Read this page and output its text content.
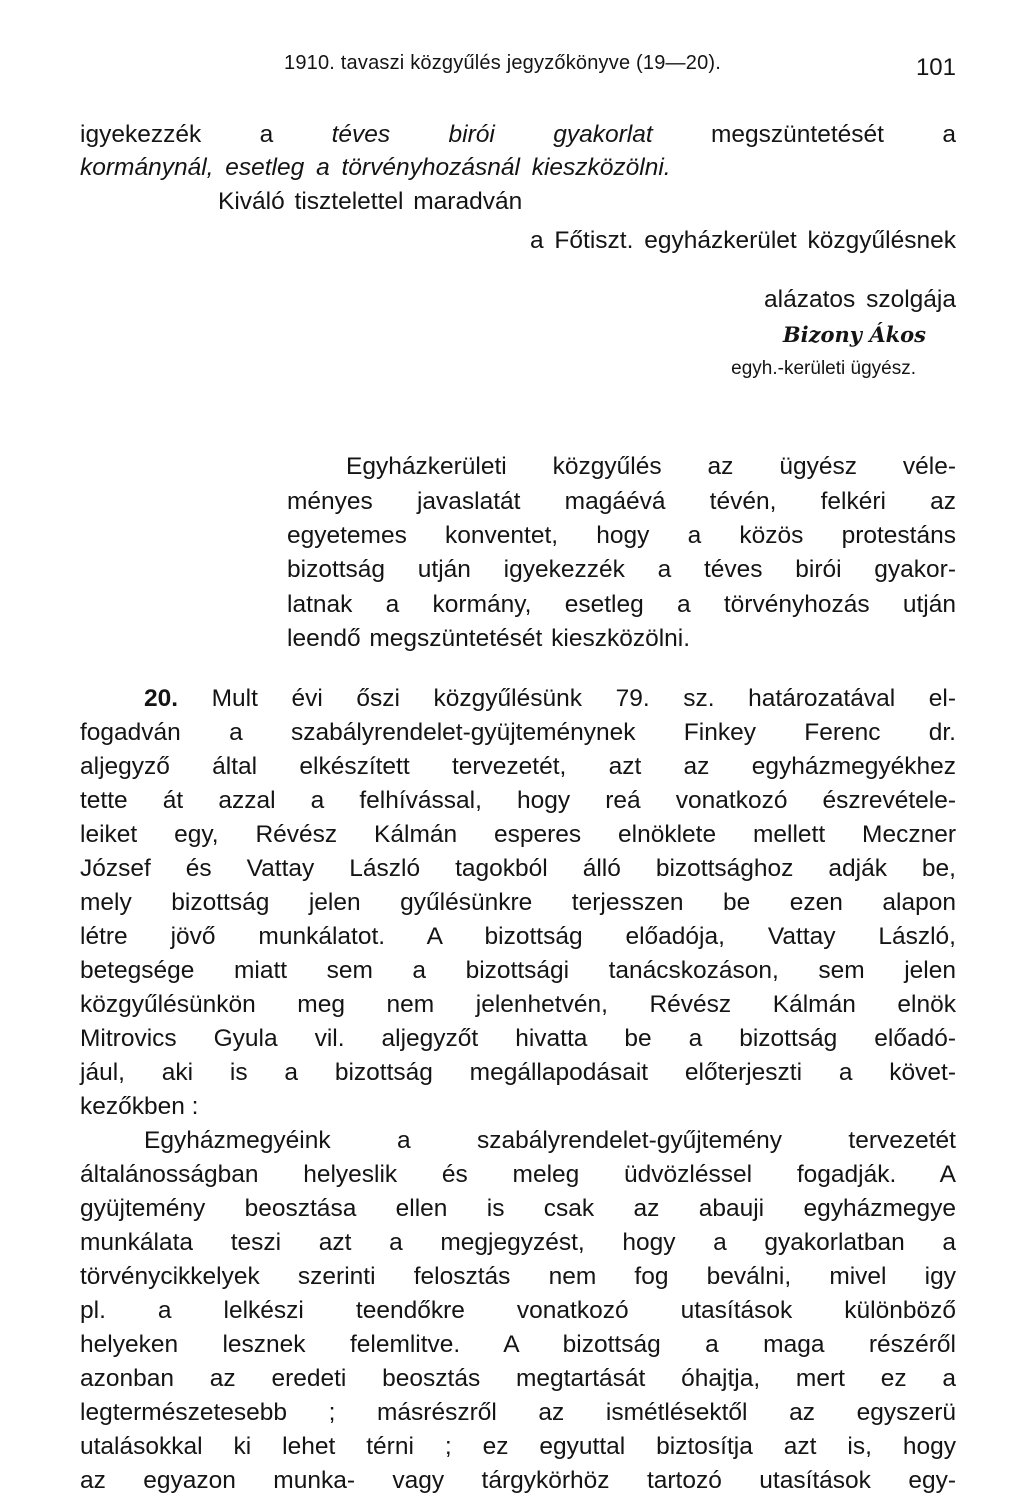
1910. tavaszi közgyűlés jegyzőkönyve (19—20).	101
igyekezzék a téves birói gyakorlat megszüntetését a
kormánynál, esetleg a törvényhozásnál kieszközölni.
Kiváló tisztelettel maradván
a Főtiszt. egyházkerület közgyűlésnek
alázatos szolgája
Bizony Ákos
egyh.-kerületi ügyész.
Egyházkerületi közgyűlés az ügyész véle-
ményes javaslatát magáévá tévén, felkéri az
egyetemes konventet, hogy a közös protestáns
bizottság utján igyekezzék a téves birói gyakor-
latnak a kormány, esetleg a törvényhozás utján
leendő megszüntetését kieszközölni.
20. Mult évi őszi közgyűlésünk 79. sz. határozatával el-
fogadván a szabályrendelet-gyüjteménynek Finkey Ferenc dr.
aljegyző által elkészített tervezetét, azt az egyházmegyékhez
tette át azzal a felhívással, hogy reá vonatkozó észrevétele-
leiket egy, Révész Kálmán esperes elnöklete mellett Meczner
József és Vattay László tagokból álló bizottsághoz adják be,
mely bizottság jelen gyűlésünkre terjesszen be ezen alapon
létre jövő munkálatot. A bizottság előadója, Vattay László,
betegsége miatt sem a bizottsági tanácskozáson, sem jelen
közgyűlésünkön meg nem jelenhetvén, Révész Kálmán elnök
Mitrovics Gyula vil. aljegyzőt hivatta be a bizottság előadó-
jául, aki is a bizottság megállapodásait előterjeszti a követ-
kezőkben :
Egyházmegyéink a szabályrendelet-gyűjtemény tervezetét
általánosságban helyeslik és meleg üdvözléssel fogadják. A
gyüjtemény beosztása ellen is csak az abauji egyházmegye
munkálata teszi azt a megjegyzést, hogy a gyakorlatban a
törvénycikkelyek szerinti felosztás nem fog beválni, mivel igy
pl. a lelkészi teendőkre vonatkozó utasítások különböző
helyeken lesznek felemlitve. A bizottság a maga részéről
azonban az eredeti beosztás megtartását óhajtja, mert ez a
legtermészetesebb ; másrészről az ismétlésektől az egyszerü
utalásokkal ki lehet térni ; ez egyuttal biztosítja azt is, hogy
az egyazon munka- vagy tárgykörhöz tartozó utasítások egy-
